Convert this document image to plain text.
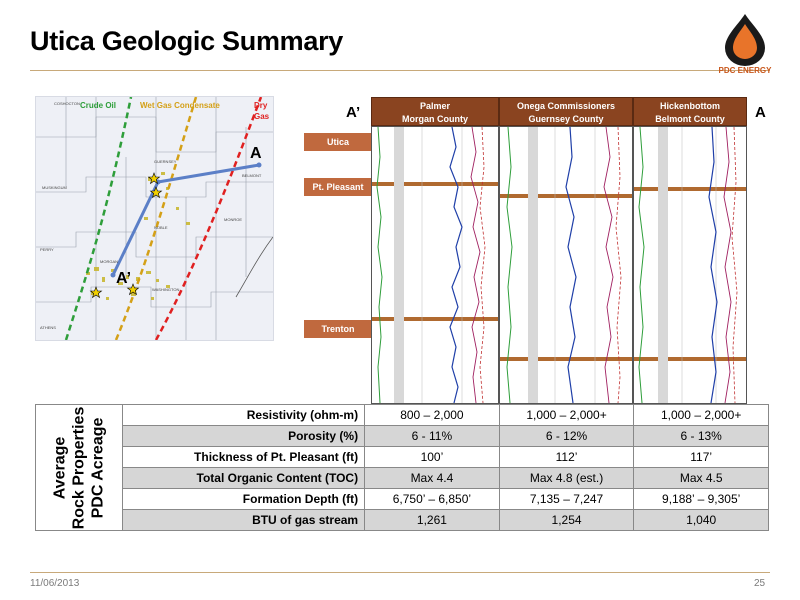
Utica Geologic Summary
PDC ENERGY
Crude Oil	Wet Gas Condensate	Dry
Gas
A
A’
COSHOCTON
MUSKINGUM
GUERNSEY
NOBLE
BELMONT
MORGAN
MONROE
WASHINGTON
PERRY
ATHENS
A’	A
Utica
Pt. Pleasant
Trenton
Palmer
Morgan County
Onega Commissioners
Guernsey County
Hickenbottom
Belmont County
Average Rock Properties PDC Acreage	Resistivity (ohm-m)	800 – 2,000	1,000 – 2,000+	1,000 – 2,000+
	Porosity (%)	6 - 11%	6 - 12%	6 - 13%
	Thickness of Pt. Pleasant (ft)	100’	112’	117’
	Total Organic Content (TOC)	Max 4.4	Max 4.8 (est.)	Max 4.5
	Formation Depth (ft)	6,750’ – 6,850’	7,135 – 7,247	9,188’ – 9,305’
	BTU of gas stream	1,261	1,254	1,040
11/06/2013	25
